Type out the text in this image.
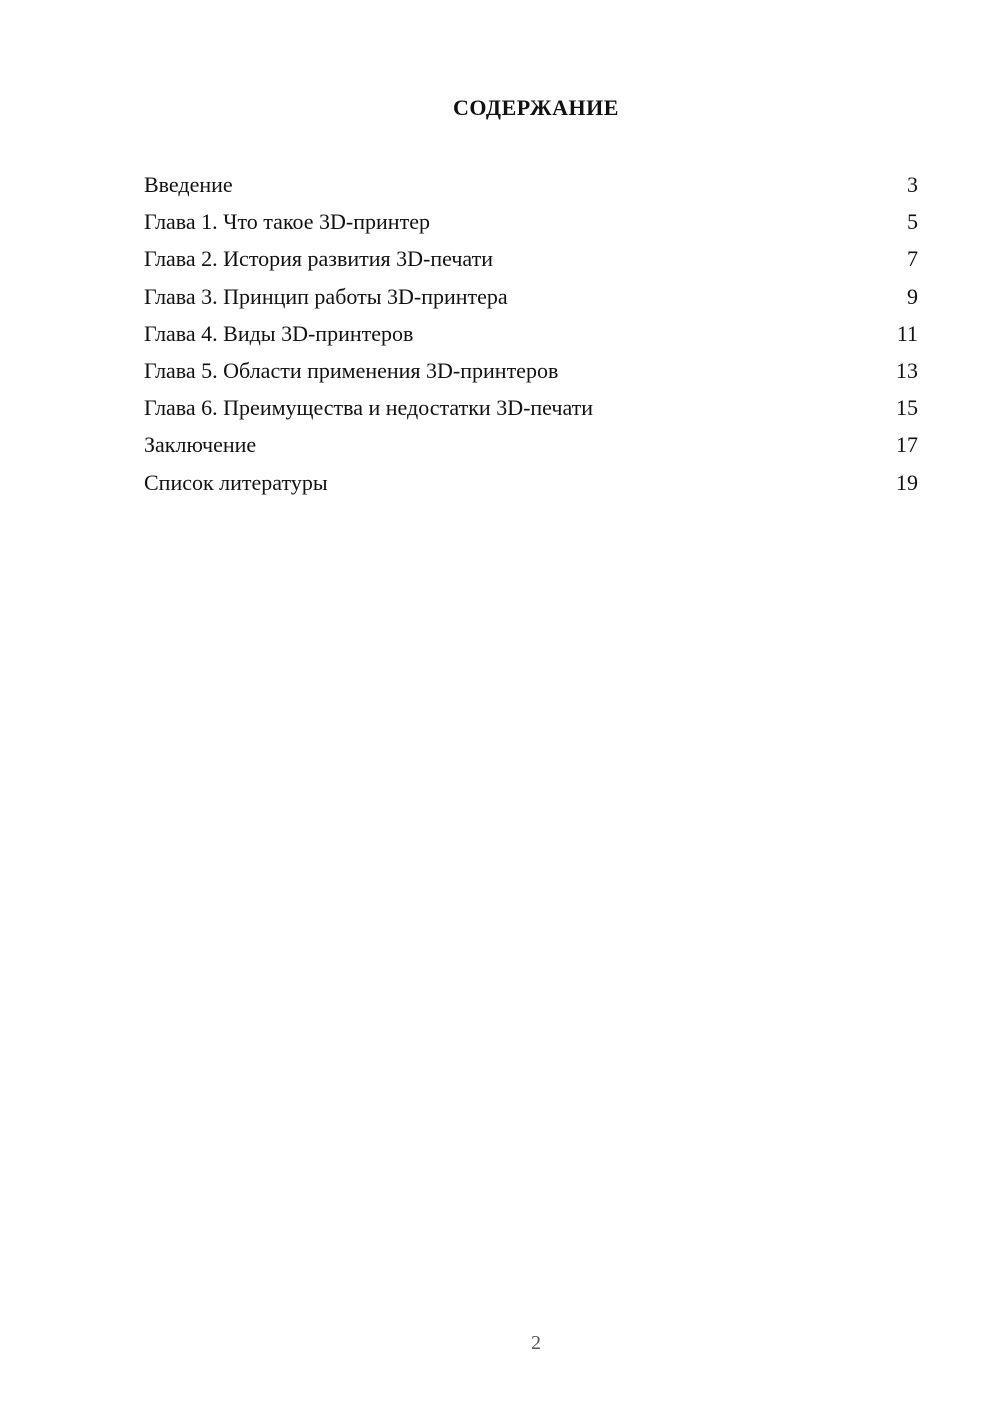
СОДЕРЖАНИЕ
Введение	3
Глава 1. Что такое 3D-принтер	5
Глава 2. История развития 3D-печати	7
Глава 3. Принцип работы 3D-принтера	9
Глава 4. Виды 3D-принтеров	11
Глава 5. Области применения 3D-принтеров	13
Глава 6. Преимущества и недостатки 3D-печати	15
Заключение	17
Список литературы	19
2
